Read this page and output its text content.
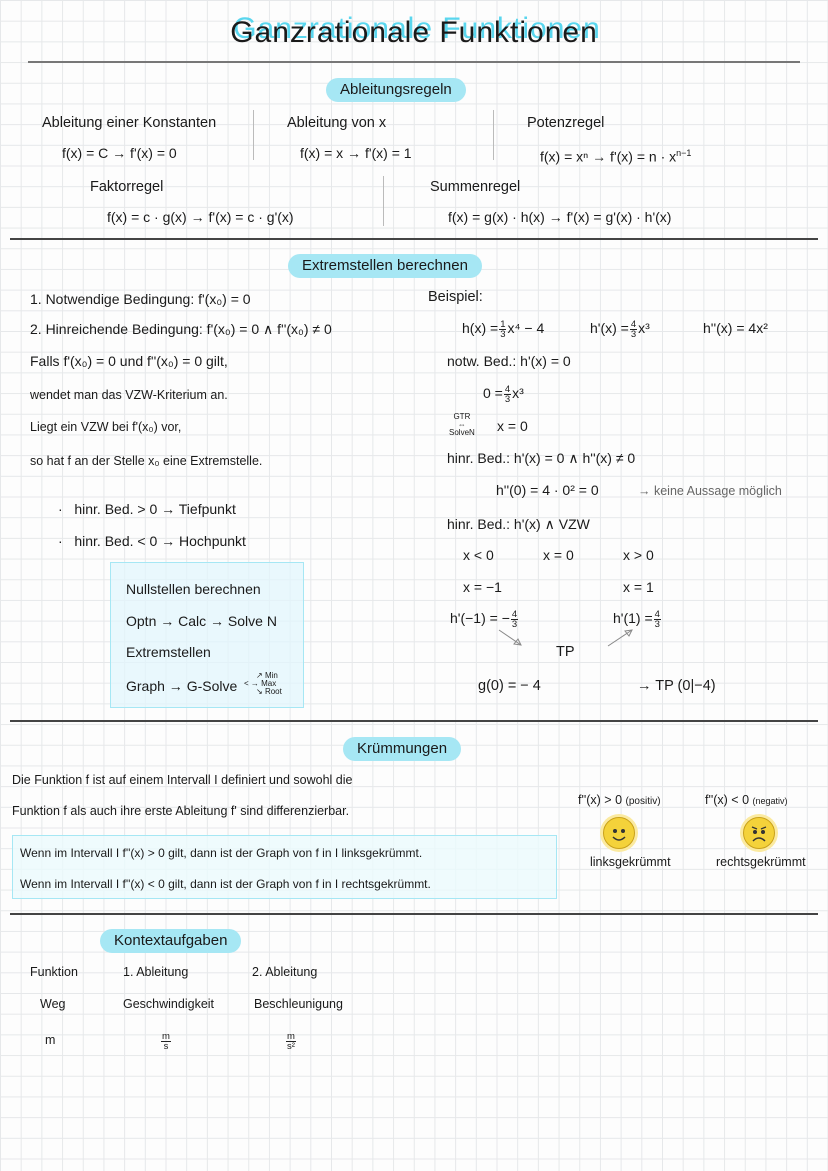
Ganzrationale Funktionen
Ableitungsregeln
Ableitung einer Konstanten
f(x) = C → f'(x) = 0
Ableitung von x
f(x) = x → f'(x) = 1
Potenzregel
$f(x) = x^n \to f'(x) = n \cdot x^{n-1}$
Faktorregel
f(x) = c · g(x) → f'(x) = c · g'(x)
Summenregel
f(x) = g(x) · h(x) → f'(x) = g'(x) · h'(x)
Extremstellen berechnen
1. Notwendige Bedingung: f'(x₀) = 0
2. Hinreichende Bedingung: f'(x₀) = 0 ∧ f''(x₀) ≠ 0
Falls f'(x₀) = 0 und f''(x₀) = 0 gilt,
wendet man das VZW-Kriterium an.
Liegt ein VZW bei f'(x₀) vor,
so hat f an der Stelle x₀ eine Extremstelle.
·   hinr. Bed. > 0 → Tiefpunkt
·   hinr. Bed. < 0 → Hochpunkt
Nullstellen berechnen
Optn → Calc → Solve N
Extremstellen
Graph → G-Solve
↗ Min
< → Max
↘ Root
Beispiel:
$h(x) = \frac{1}{3} x^4 - 4$	$h'(x) = \frac{4}{3} x^3$	h''(x) = 4x²
notw. Bed.: h'(x) = 0
$0 = \frac{4}{3} x^3$
GTR
⇔
SolveN x = 0
hinr. Bed.: h'(x) = 0 ∧ h''(x) ≠ 0
h''(0) = 4 · 0² = 0	→ keine Aussage möglich
hinr. Bed.: h'(x) ∧ VZW
x < 0	x = 0	x > 0
x = −1	x = 1
h'(−1) = − $\frac{4}{3}$	$h'(1) = \frac{4}{3}$
TP
g(0) = − 4	→ TP (0|−4)
Krümmungen
Die Funktion f ist auf einem Intervall I definiert und sowohl die
Funktion f als auch ihre erste Ableitung f' sind differenzierbar.
Wenn im Intervall I f''(x) > 0 gilt, dann ist der Graph von f in I linksgekrümmt.
Wenn im Intervall I f''(x) < 0 gilt, dann ist der Graph von f in I rechtsgekrümmt.
f''(x) > 0 (positiv)	f''(x) < 0 (negativ)
linksgekrümmt	rechtsgekrümmt
Kontextaufgaben
Funktion	1. Ableitung	2. Ableitung
Weg	Geschwindigkeit	Beschleunigung
m	$\frac{m}{s}$	$\frac{m}{\text{s²}}$
